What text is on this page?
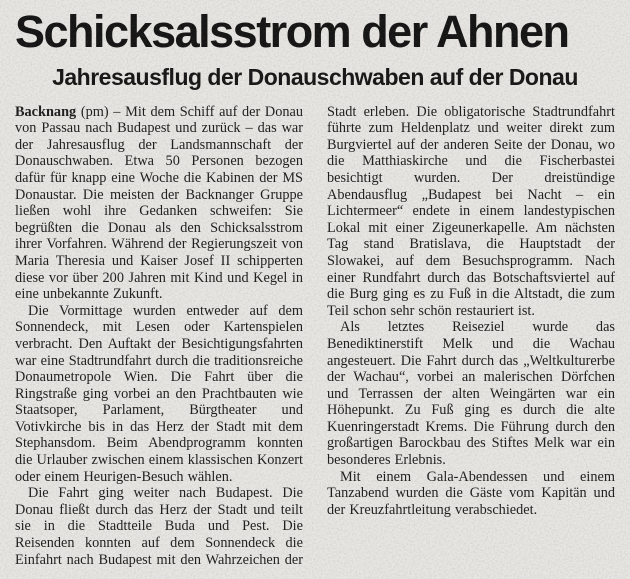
Schicksalsstrom der Ahnen
Jahresausflug der Donauschwaben auf der Donau

Backnang (pm) – Mit dem Schiff auf der Donau von Passau nach Budapest und zurück – das war der Jahresausflug der Landsmannschaft der Donauschwaben. Etwa 50 Personen bezogen dafür für knapp eine Woche die Kabinen der MS Donaustar. Die meisten der Backnanger Gruppe ließen wohl ihre Gedanken schweifen: Sie begrüßten die Donau als den Schicksalsstrom ihrer Vorfahren. Während der Regierungszeit von Maria Theresia und Kaiser Josef II schipperten diese vor über 200 Jahren mit Kind und Kegel in eine unbekannte Zukunft.

Die Vormittage wurden entweder auf dem Sonnendeck, mit Lesen oder Kartenspielen verbracht. Den Auftakt der Besichtigungsfahrten war eine Stadtrundfahrt durch die traditionsreiche Donaumetropole Wien. Die Fahrt über die Ringstraße ging vorbei an den Prachtbauten wie Staatsoper, Parlament, Bürgtheater und Votivkirche bis in das Herz der Stadt mit dem Stephansdom. Beim Abendprogramm konnten die Urlauber zwischen einem klassischen Konzert oder einem Heurigen-Besuch wählen.

Die Fahrt ging weiter nach Budapest. Die Donau fließt durch das Herz der Stadt und teilt sie in die Stadtteile Buda und Pest. Die Reisenden konnten auf dem Sonnendeck die Einfahrt nach Budapest mit den Wahrzeichen der Stadt erleben. Die obligatorische Stadtrundfahrt führte zum Heldenplatz und weiter direkt zum Burgviertel auf der anderen Seite der Donau, wo die Matthiaskirche und die Fischerbastei besichtigt wurden. Der dreistündige Abendausflug „Budapest bei Nacht – ein Lichtermeer“ endete in einem landestypischen Lokal mit einer Zigeunerkapelle. Am nächsten Tag stand Bratislava, die Hauptstadt der Slowakei, auf dem Besuchsprogramm. Nach einer Rundfahrt durch das Botschaftsviertel auf die Burg ging es zu Fuß in die Altstadt, die zum Teil schon sehr schön restauriert ist.

Als letztes Reiseziel wurde das Benediktinerstift Melk und die Wachau angesteuert. Die Fahrt durch das „Weltkulturerbe der Wachau“, vorbei an malerischen Dörfchen und Terrassen der alten Weingärten war ein Höhepunkt. Zu Fuß ging es durch die alte Kuenringerstadt Krems. Die Führung durch den großartigen Barockbau des Stiftes Melk war ein besonderes Erlebnis.

Mit einem Gala-Abendessen und einem Tanzabend wurden die Gäste vom Kapitän und der Kreuzfahrtleitung verabschiedet.
